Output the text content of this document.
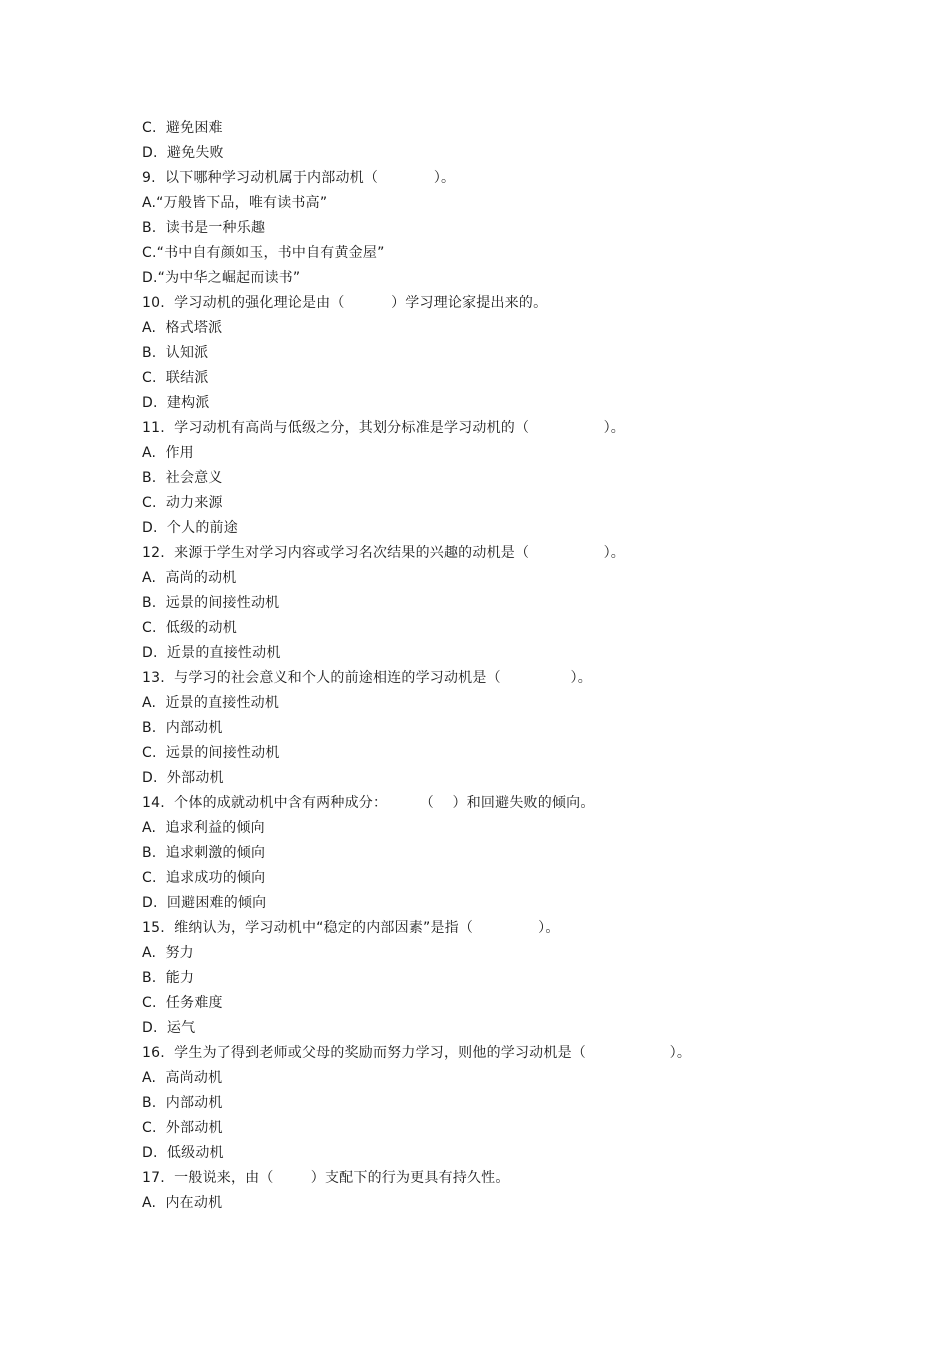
C.  避免困难
D.  避免失败
9.  以下哪种学习动机属于内部动机（            ）。
A.“万般皆下品，唯有读书高”
B.  读书是一种乐趣
C.“书中自有颜如玉，书中自有黄金屋”
D.“为中华之崛起而读书”
10.  学习动机的强化理论是由（          ）学习理论家提出来的。
A.  格式塔派
B.  认知派
C.  联结派
D.  建构派
11.  学习动机有高尚与低级之分，其划分标准是学习动机的（                ）。
A.  作用
B.  社会意义
C.  动力来源
D.  个人的前途
12.  来源于学生对学习内容或学习名次结果的兴趣的动机是（                ）。
A.  高尚的动机
B.  远景的间接性动机
C.  低级的动机
D.  近景的直接性动机
13.  与学习的社会意义和个人的前途相连的学习动机是（               ）。
A.  近景的直接性动机
B.  内部动机
C.  远景的间接性动机
D.  外部动机
14.  个体的成就动机中含有两种成分：       （    ）和回避失败的倾向。
A.  追求利益的倾向
B.  追求刺激的倾向
C.  追求成功的倾向
D.  回避困难的倾向
15.  维纳认为，学习动机中“稳定的内部因素”是指（              ）。
A.  努力
B.  能力
C.  任务难度
D.  运气
16.  学生为了得到老师或父母的奖励而努力学习，则他的学习动机是（                  ）。
A.  高尚动机
B.  内部动机
C.  外部动机
D.  低级动机
17.  一般说来，由（        ）支配下的行为更具有持久性。
A.  内在动机
